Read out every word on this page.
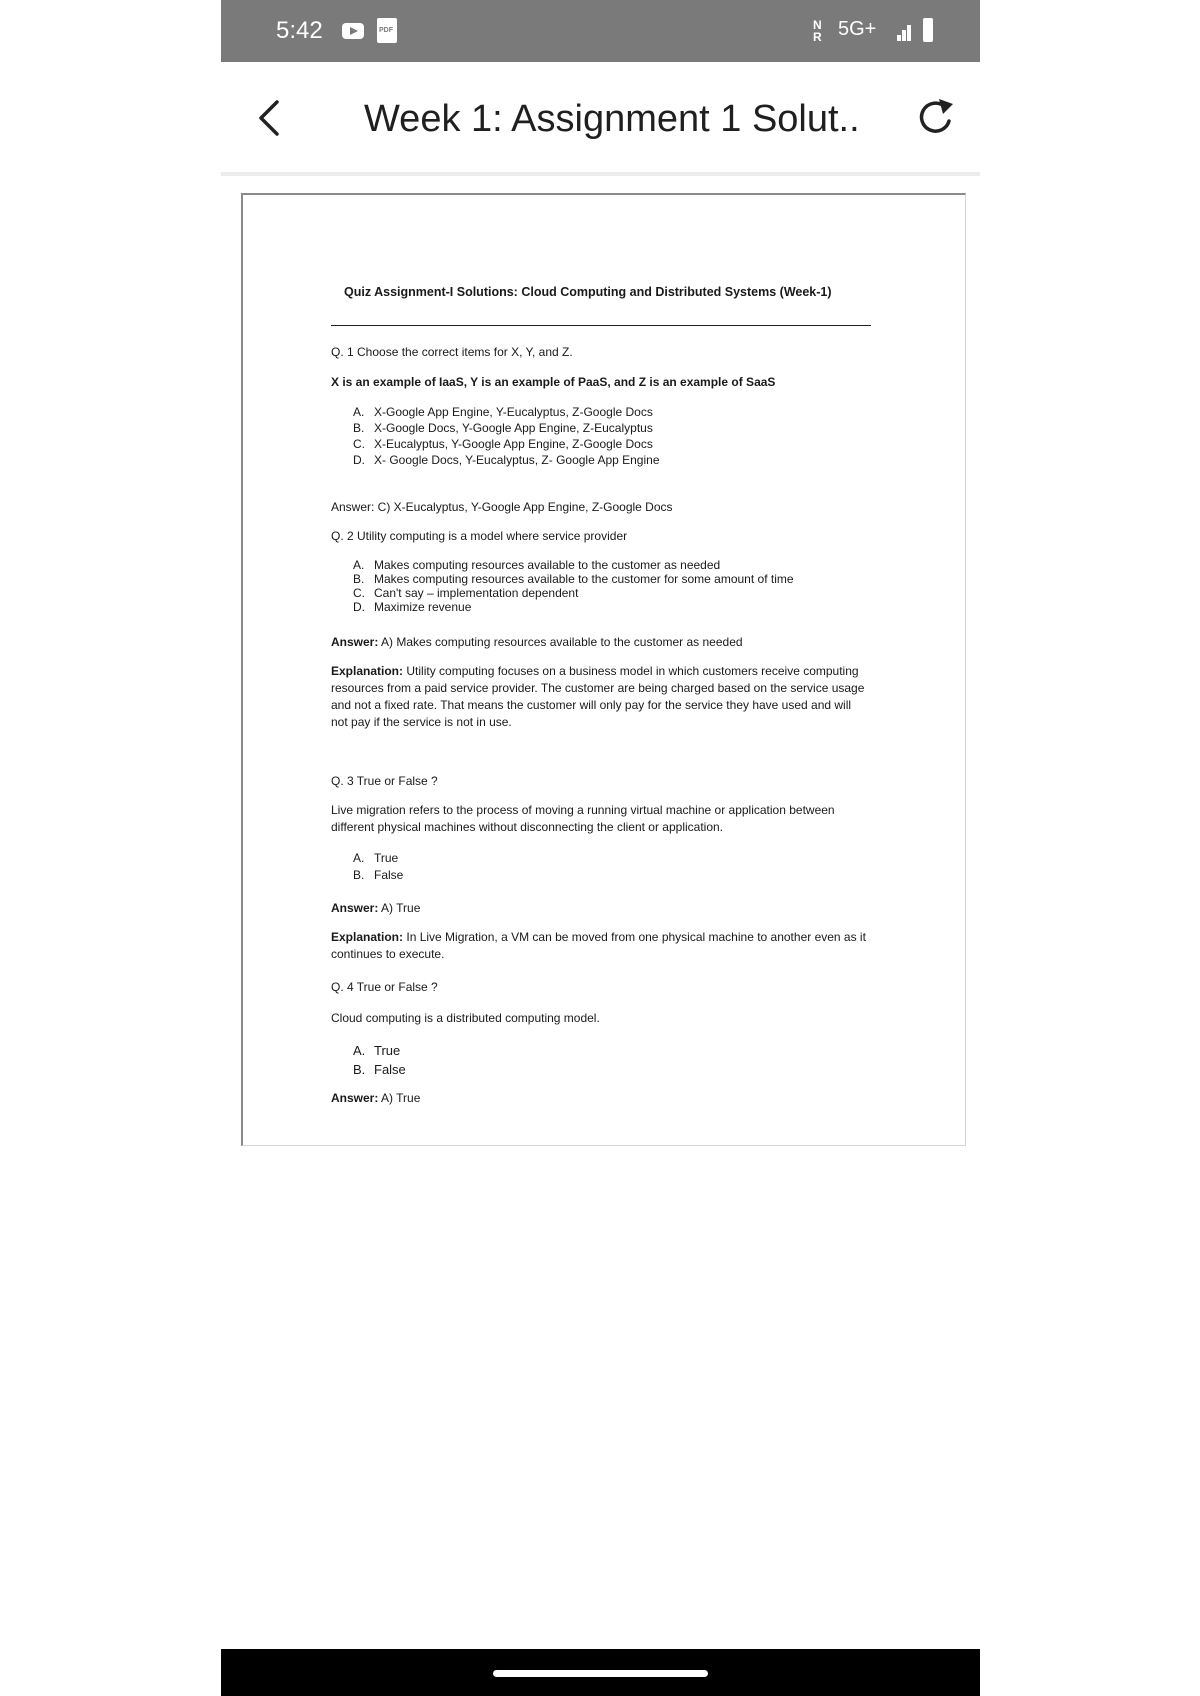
5:42	PDF	N
R 5G+
Week 1: Assignment 1 Solut..
Quiz Assignment-I Solutions: Cloud Computing and Distributed Systems (Week-1)
Q. 1 Choose the correct items for X, Y, and Z.
X is an example of IaaS, Y is an example of PaaS, and Z is an example of SaaS
A. X-Google App Engine, Y-Eucalyptus, Z-Google Docs
B. X-Google Docs, Y-Google App Engine, Z-Eucalyptus
C. X-Eucalyptus, Y-Google App Engine, Z-Google Docs
D. X- Google Docs, Y-Eucalyptus, Z- Google App Engine
Answer: C) X-Eucalyptus, Y-Google App Engine, Z-Google Docs
Q. 2 Utility computing is a model where service provider
A. Makes computing resources available to the customer as needed
B. Makes computing resources available to the customer for some amount of time
C. Can't say – implementation dependent
D. Maximize revenue
Answer: A) Makes computing resources available to the customer as needed
Explanation: Utility computing focuses on a business model in which customers receive computing resources from a paid service provider. The customer are being charged based on the service usage and not a fixed rate. That means the customer will only pay for the service they have used and will not pay if the service is not in use.
Q. 3 True or False ?
Live migration refers to the process of moving a running virtual machine or application between different physical machines without disconnecting the client or application.
A. True
B. False
Answer: A) True
Explanation: In Live Migration, a VM can be moved from one physical machine to another even as it continues to execute.
Q. 4 True or False ?
Cloud computing is a distributed computing model.
A. True
B. False
Answer: A) True
